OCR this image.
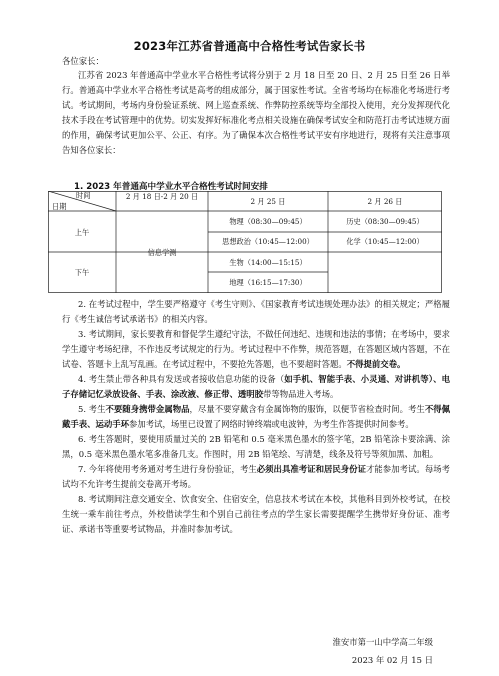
2023年江苏省普通高中合格性考试告家长书
各位家长：
江苏省 2023 年普通高中学业水平合格性考试将分别于 2 月 18 日至 20 日、2 月 25 日至 26 日举行。普通高中学业水平合格性考试是高考的组成部分，属于国家性考试。全省考场均在标准化考场进行考试。考试期间，考场内身份验证系统、网上巡查系统、作弊防控系统等均全部投入使用，充分发挥现代化技术手段在考试管理中的优势。切实发挥好标准化考点相关设施在确保考试安全和防范打击考试违规方面的作用，确保考试更加公平、公正、有序。为了确保本次合格性考试平安有序地进行，现将有关注意事项告知各位家长：
1. 2023 年普通高中学业水平合格性考试时间安排
时间
日期
2 月 18 日-2 月 20 日
2 月 25 日	2 月 26 日
上午
下午
信息学测
物理（08:30—09:45）
思想政治（10:45—12:00）
历史（08:30—09:45）
化学（10:45—12:00）
生物（14:00—15:15）
地理（16:15—17:30）

2. 在考试过程中，学生要严格遵守《考生守则》、《国家教育考试违规处理办法》的相关规定；严格履行《考生诚信考试承诺书》的相关内容。

3. 考试期间，家长要教育和督促学生遵纪守法，不做任何违纪、违规和违法的事情；在考场中，要求学生遵守考场纪律，不作违反考试规定的行为。考试过程中不作弊，规范答题，在答题区域内答题，不在试卷、答题卡上乱写乱画。在考试过程中，不要抢先答题，也不要超时答题。不得提前交卷。

4. 考生禁止带各种具有发送或者接收信息功能的设备（如手机、智能手表、小灵通、对讲机等）、电子存储记忆录放设备、手表、涂改液、修正带、透明胶带等物品进入考场。

5. 考生不要随身携带金属物品，尽量不要穿戴含有金属饰物的服饰，以便节省检查时间。考生不得佩戴手表、运动手环参加考试，场里已设置了网络时钟终端或电波钟，为考生作答提供时间参考。

6. 考生答题时，要使用质量过关的 2B 铅笔和 0.5 毫米黑色墨水的签字笔，2B 铅笔涂卡要涂满、涂黑，0.5 毫米黑色墨水笔多准备几支。作图时，用 2B 铅笔绘、写清楚，线条及符号等须加黑、加粗。

7. 今年将使用考务通对考生进行身份验证，考生必须出具准考证和居民身份证才能参加考试。每场考试均不允许考生提前交卷离开考场。

8. 考试期间注意交通安全、饮食安全、住宿安全，信息技术考试在本校，其他科目到外校考试，在校生统一乘车前往考点，外校借读学生和个别自己前往考点的学生家长需要提醒学生携带好身份证、准考证、承诺书等重要考试物品，并准时参加考试。

淮安市第一山中学高二年级
2023 年 02 月 15 日
